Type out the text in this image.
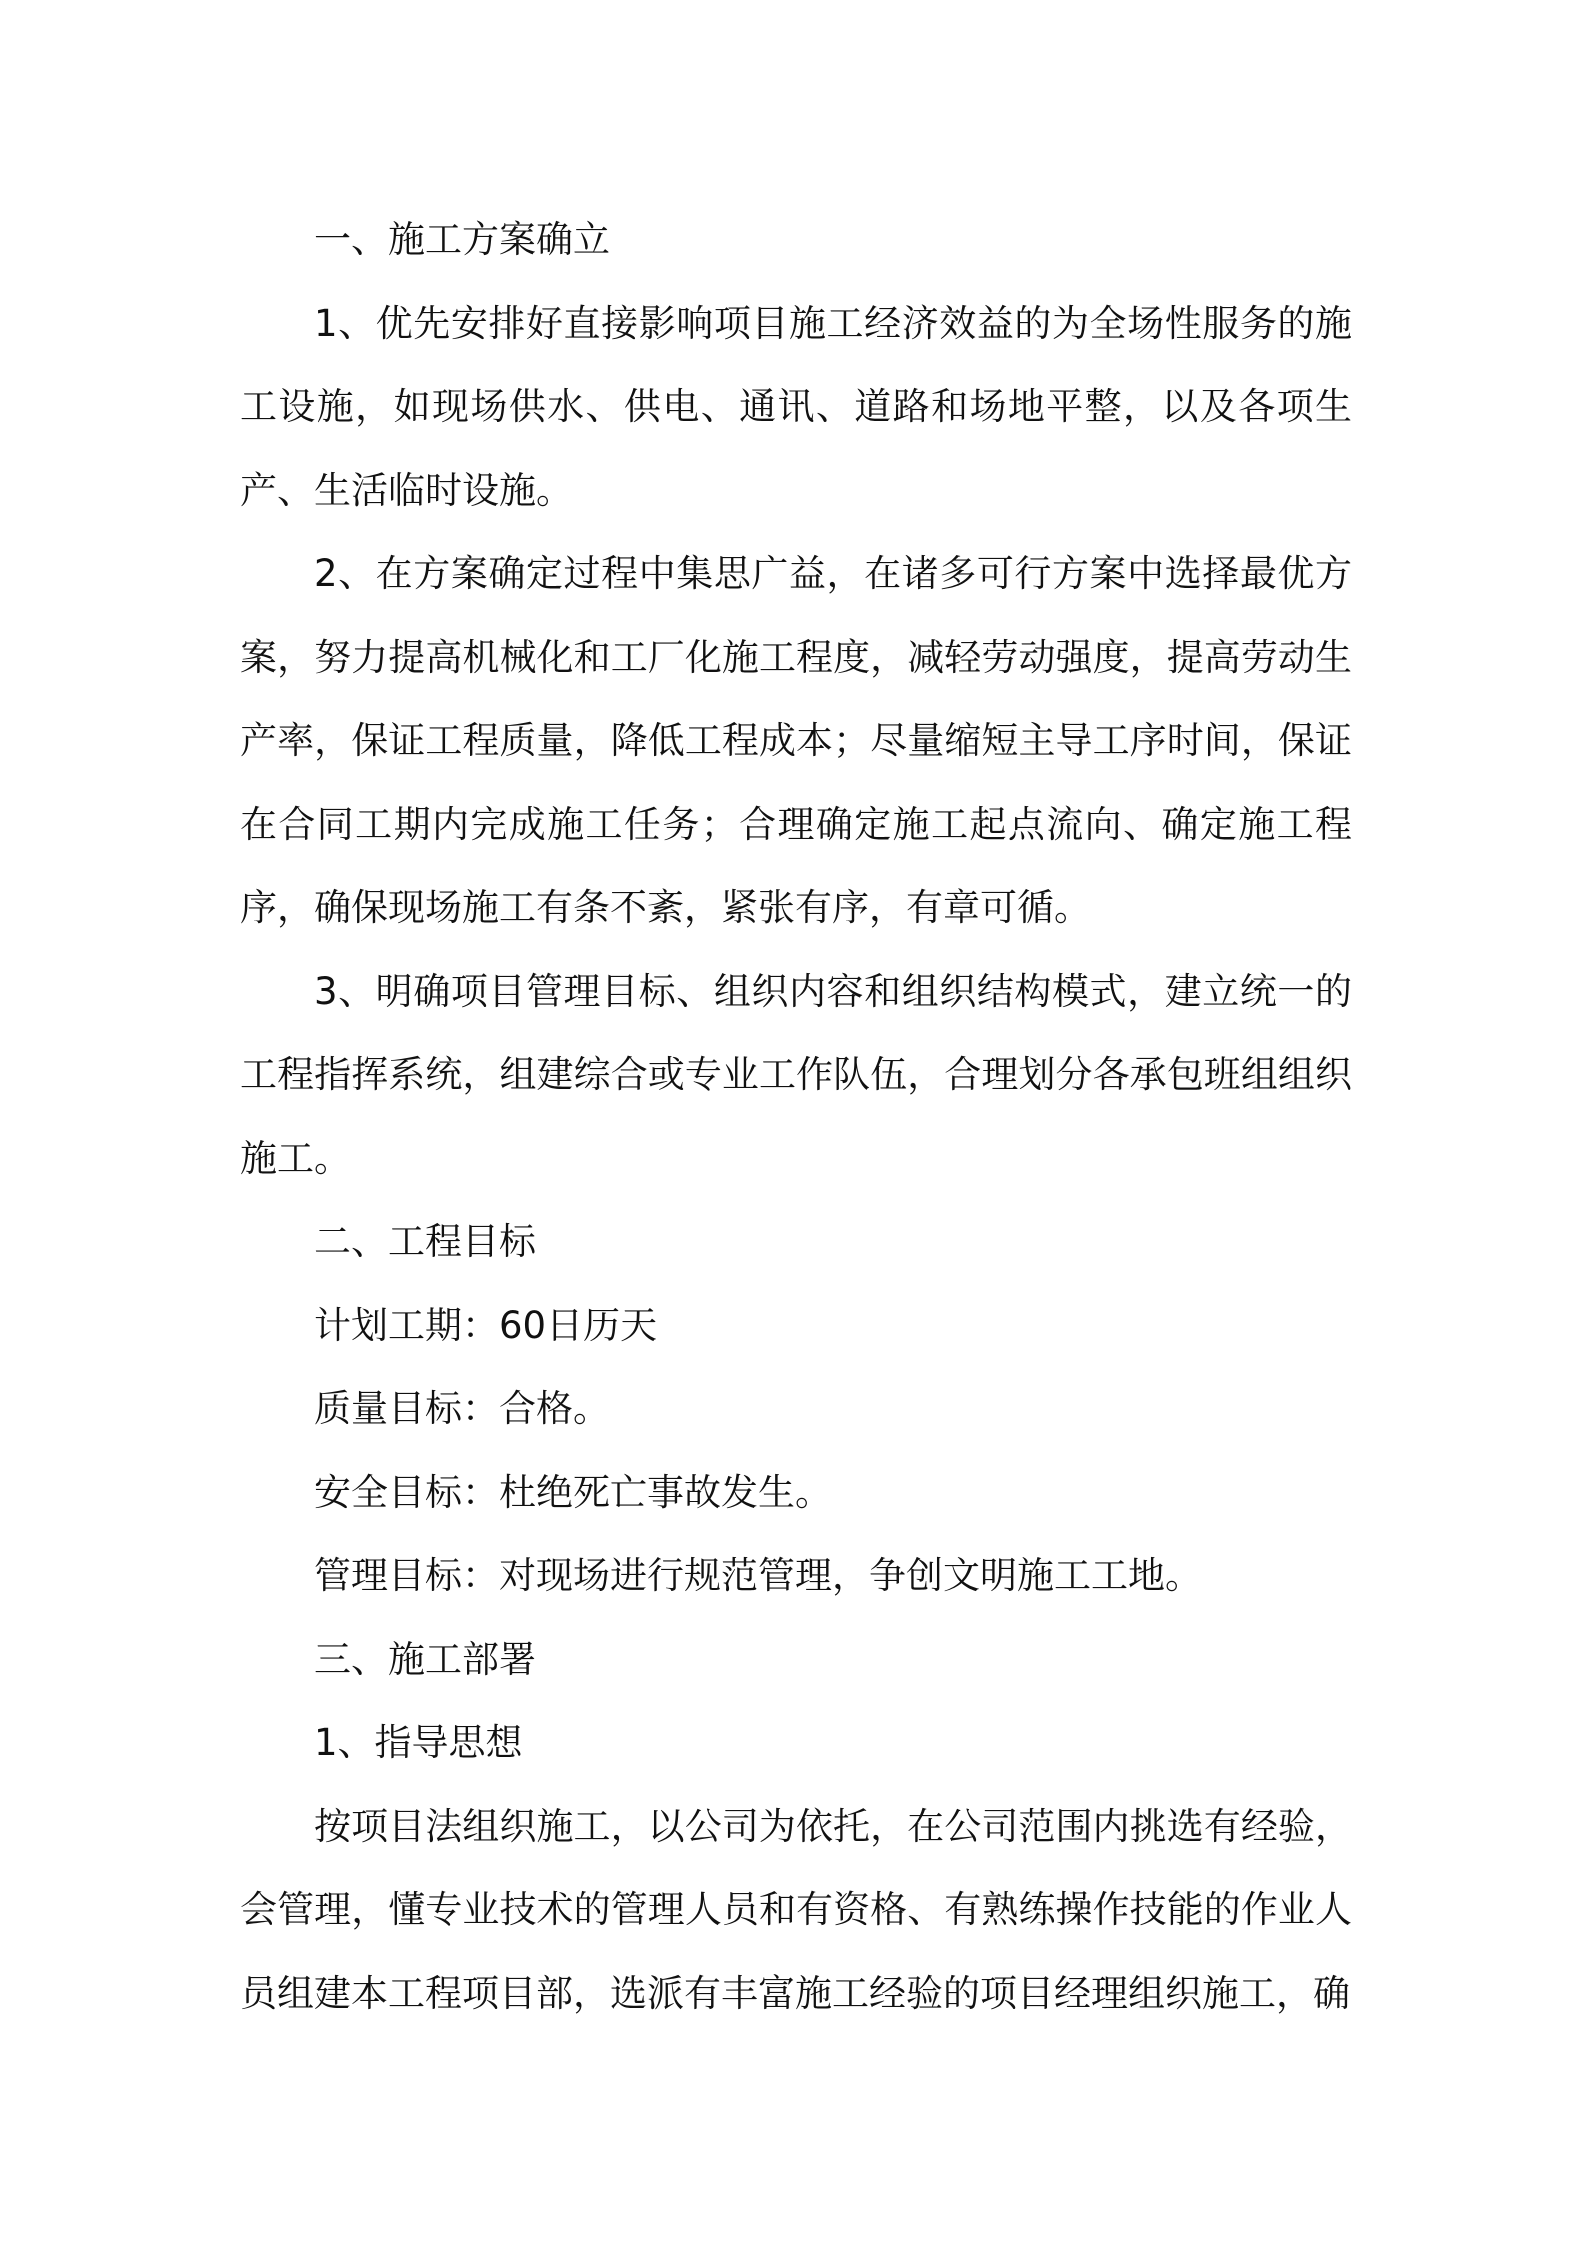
一、施工方案确立

1、优先安排好直接影响项目施工经济效益的为全场性服务的施工设施，如现场供水、供电、通讯、道路和场地平整，以及各项生产、生活临时设施。

2、在方案确定过程中集思广益，在诸多可行方案中选择最优方案，努力提高机械化和工厂化施工程度，减轻劳动强度，提高劳动生产率，保证工程质量，降低工程成本；尽量缩短主导工序时间，保证在合同工期内完成施工任务；合理确定施工起点流向、确定施工程序，确保现场施工有条不紊，紧张有序，有章可循。

3、明确项目管理目标、组织内容和组织结构模式，建立统一的工程指挥系统，组建综合或专业工作队伍，合理划分各承包班组组织施工。

二、工程目标

计划工期：60日历天

质量目标：合格。

安全目标：杜绝死亡事故发生。

管理目标：对现场进行规范管理，争创文明施工工地。

三、施工部署

1、指导思想

按项目法组织施工，以公司为依托，在公司范围内挑选有经验，会管理，懂专业技术的管理人员和有资格、有熟练操作技能的作业人员组建本工程项目部，选派有丰富施工经验的项目经理组织施工，确
